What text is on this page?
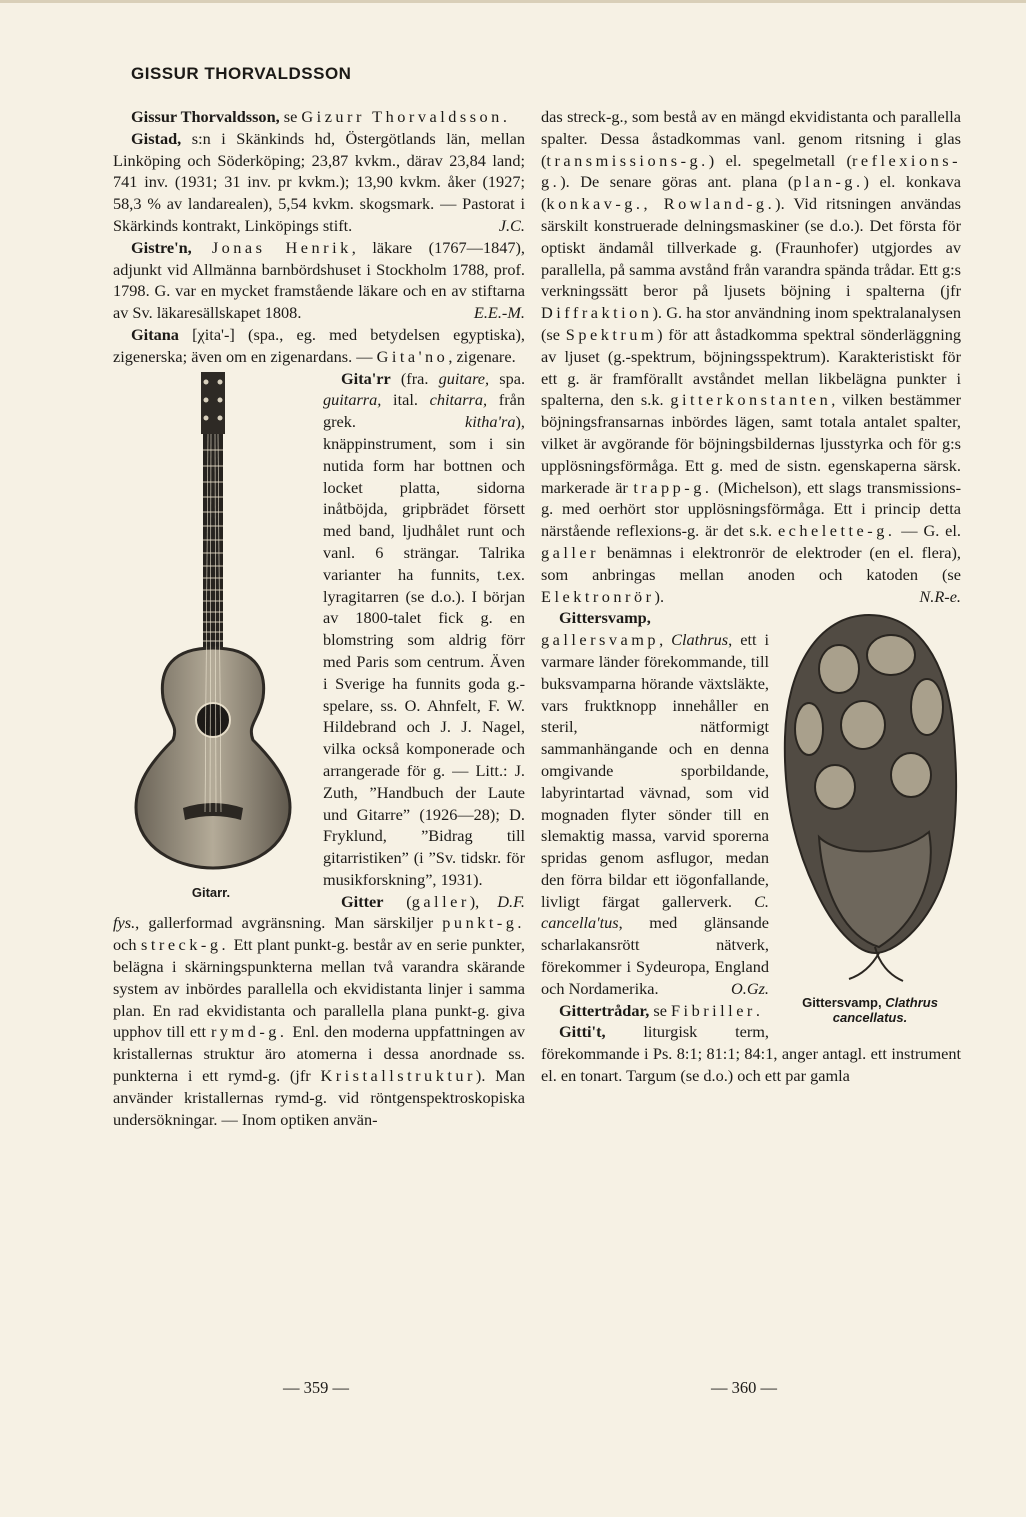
GISSUR THORVALDSSON

Gissur Thorvaldsson, se Gizurr Thorvaldsson.

Gistad, s:n i Skänkinds hd, Östergötlands län, mellan Linköping och Söderköping; 23,87 kvkm., därav 23,84 land; 741 inv. (1931; 31 inv. pr kvkm.); 13,90 kvkm. åker (1927; 58,3 % av landarealen), 5,54 kvkm. skogsmark. — Pastorat i Skärkinds kontrakt, Linköpings stift.	J.C.

Gistre'n, Jonas Henrik, läkare (1767—1847), adjunkt vid Allmänna barnbördshuset i Stockholm 1788, prof. 1798. G. var en mycket framstående läkare och en av stiftarna av Sv. läkaresällskapet 1808.	E.E.-M.

Gitana [χita'-] (spa., eg. med betydelsen egyptiska), zigenerska; även om en zigenardans. — Gita'no, zigenare.

Gitarr.

Gita'rr (fra. guitare, spa. guitarra, ital. chitarra, från grek. kitha'ra), knäppinstrument, som i sin nutida form har bottnen och locket platta, sidorna inåtböjda, gripbrädet försett med band, ljudhålet runt och vanl. 6 strängar. Talrika varianter ha funnits, t.ex. lyragitarren (se d.o.). I början av 1800-talet fick g. en blomstring som aldrig förr med Paris som centrum. Även i Sverige ha funnits goda g.-spelare, ss. O. Ahnfelt, F. W. Hildebrand och J. J. Nagel, vilka också komponerade och arrangerade för g. — Litt.: J. Zuth, ”Handbuch der Laute und Gitarre” (1926—28); D. Fryklund, ”Bidrag till gitarristiken” (i ”Sv. tidskr. för musikforskning”, 1931).
D.F.

Gitter (galler), fys., gallerformad avgränsning. Man särskiljer punkt-g. och streck-g. Ett plant punkt-g. består av en serie punkter, belägna i skärningspunkterna mellan två varandra skärande system av inbördes parallella och ekvidistanta linjer i samma plan. En rad ekvidistanta och parallella plana punkt-g. giva upphov till ett rymd-g. Enl. den moderna uppfattningen av kristallernas struktur äro atomerna i dessa anordnade ss. punkterna i ett rymd-g. (jfr Kristallstruktur). Man använder kristallernas rymd-g. vid röntgenspektroskopiska undersökningar. — Inom optiken använ-

das streck-g., som bestå av en mängd ekvidistanta och parallella spalter. Dessa åstadkommas vanl. genom ritsning i glas (transmissions-g.) el. spegelmetall (reflexions-g.). De senare göras ant. plana (plan-g.) el. konkava (konkav-g., Rowland-g.). Vid ritsningen användas särskilt konstruerade delningsmaskiner (se d.o.). Det första för optiskt ändamål tillverkade g. (Fraunhofer) utgjordes av parallella, på samma avstånd från varandra spända trådar. Ett g:s verkningssätt beror på ljusets böjning i spalterna (jfr Diffraktion). G. ha stor användning inom spektralanalysen (se Spektrum) för att åstadkomma spektral sönderläggning av ljuset (g.-spektrum, böjningsspektrum). Karakteristiskt för ett g. är framförallt avståndet mellan likbelägna punkter i spalterna, den s.k. gitterkonstanten, vilken bestämmer böjningsfransarnas inbördes lägen, samt totala antalet spalter, vilket är avgörande för böjningsbildernas ljusstyrka och för g:s upplösningsförmåga. Ett g. med de sistn. egenskaperna särsk. markerade är trapp-g. (Michelson), ett slags transmissions-g. med oerhört stor upplösningsförmåga. Ett i princip detta närstående reflexions-g. är det s.k. echelette-g. — G. el. galler benämnas i elektronrör de elektroder (en el. flera), som anbringas mellan anoden och katoden (se Elektronrör).	N.R-e.

Gittersvamp, Clathrus
cancellatus.

Gittersvamp, gallersvamp, Clathrus, ett i varmare länder förekommande, till buksvamparna hörande växtsläkte, vars fruktknopp innehåller en steril, nätformigt sammanhängande och en denna omgivande sporbildande, labyrintartad vävnad, som vid mognaden flyter sönder till en slemaktig massa, varvid sporerna spridas genom asflugor, medan den förra bildar ett iögonfallande, livligt färgat gallerverk. C. cancella'tus, med glänsande scharlakansrött nätverk, förekommer i Sydeuropa, England och Nordamerika.	O.Gz.

Gittertrådar, se Fibriller.

Gitti't, liturgisk term, förekommande i Ps. 8:1; 81:1; 84:1, anger antagl. ett instrument el. en tonart. Targum (se d.o.) och ett par gamla

— 359 —	— 360 —
